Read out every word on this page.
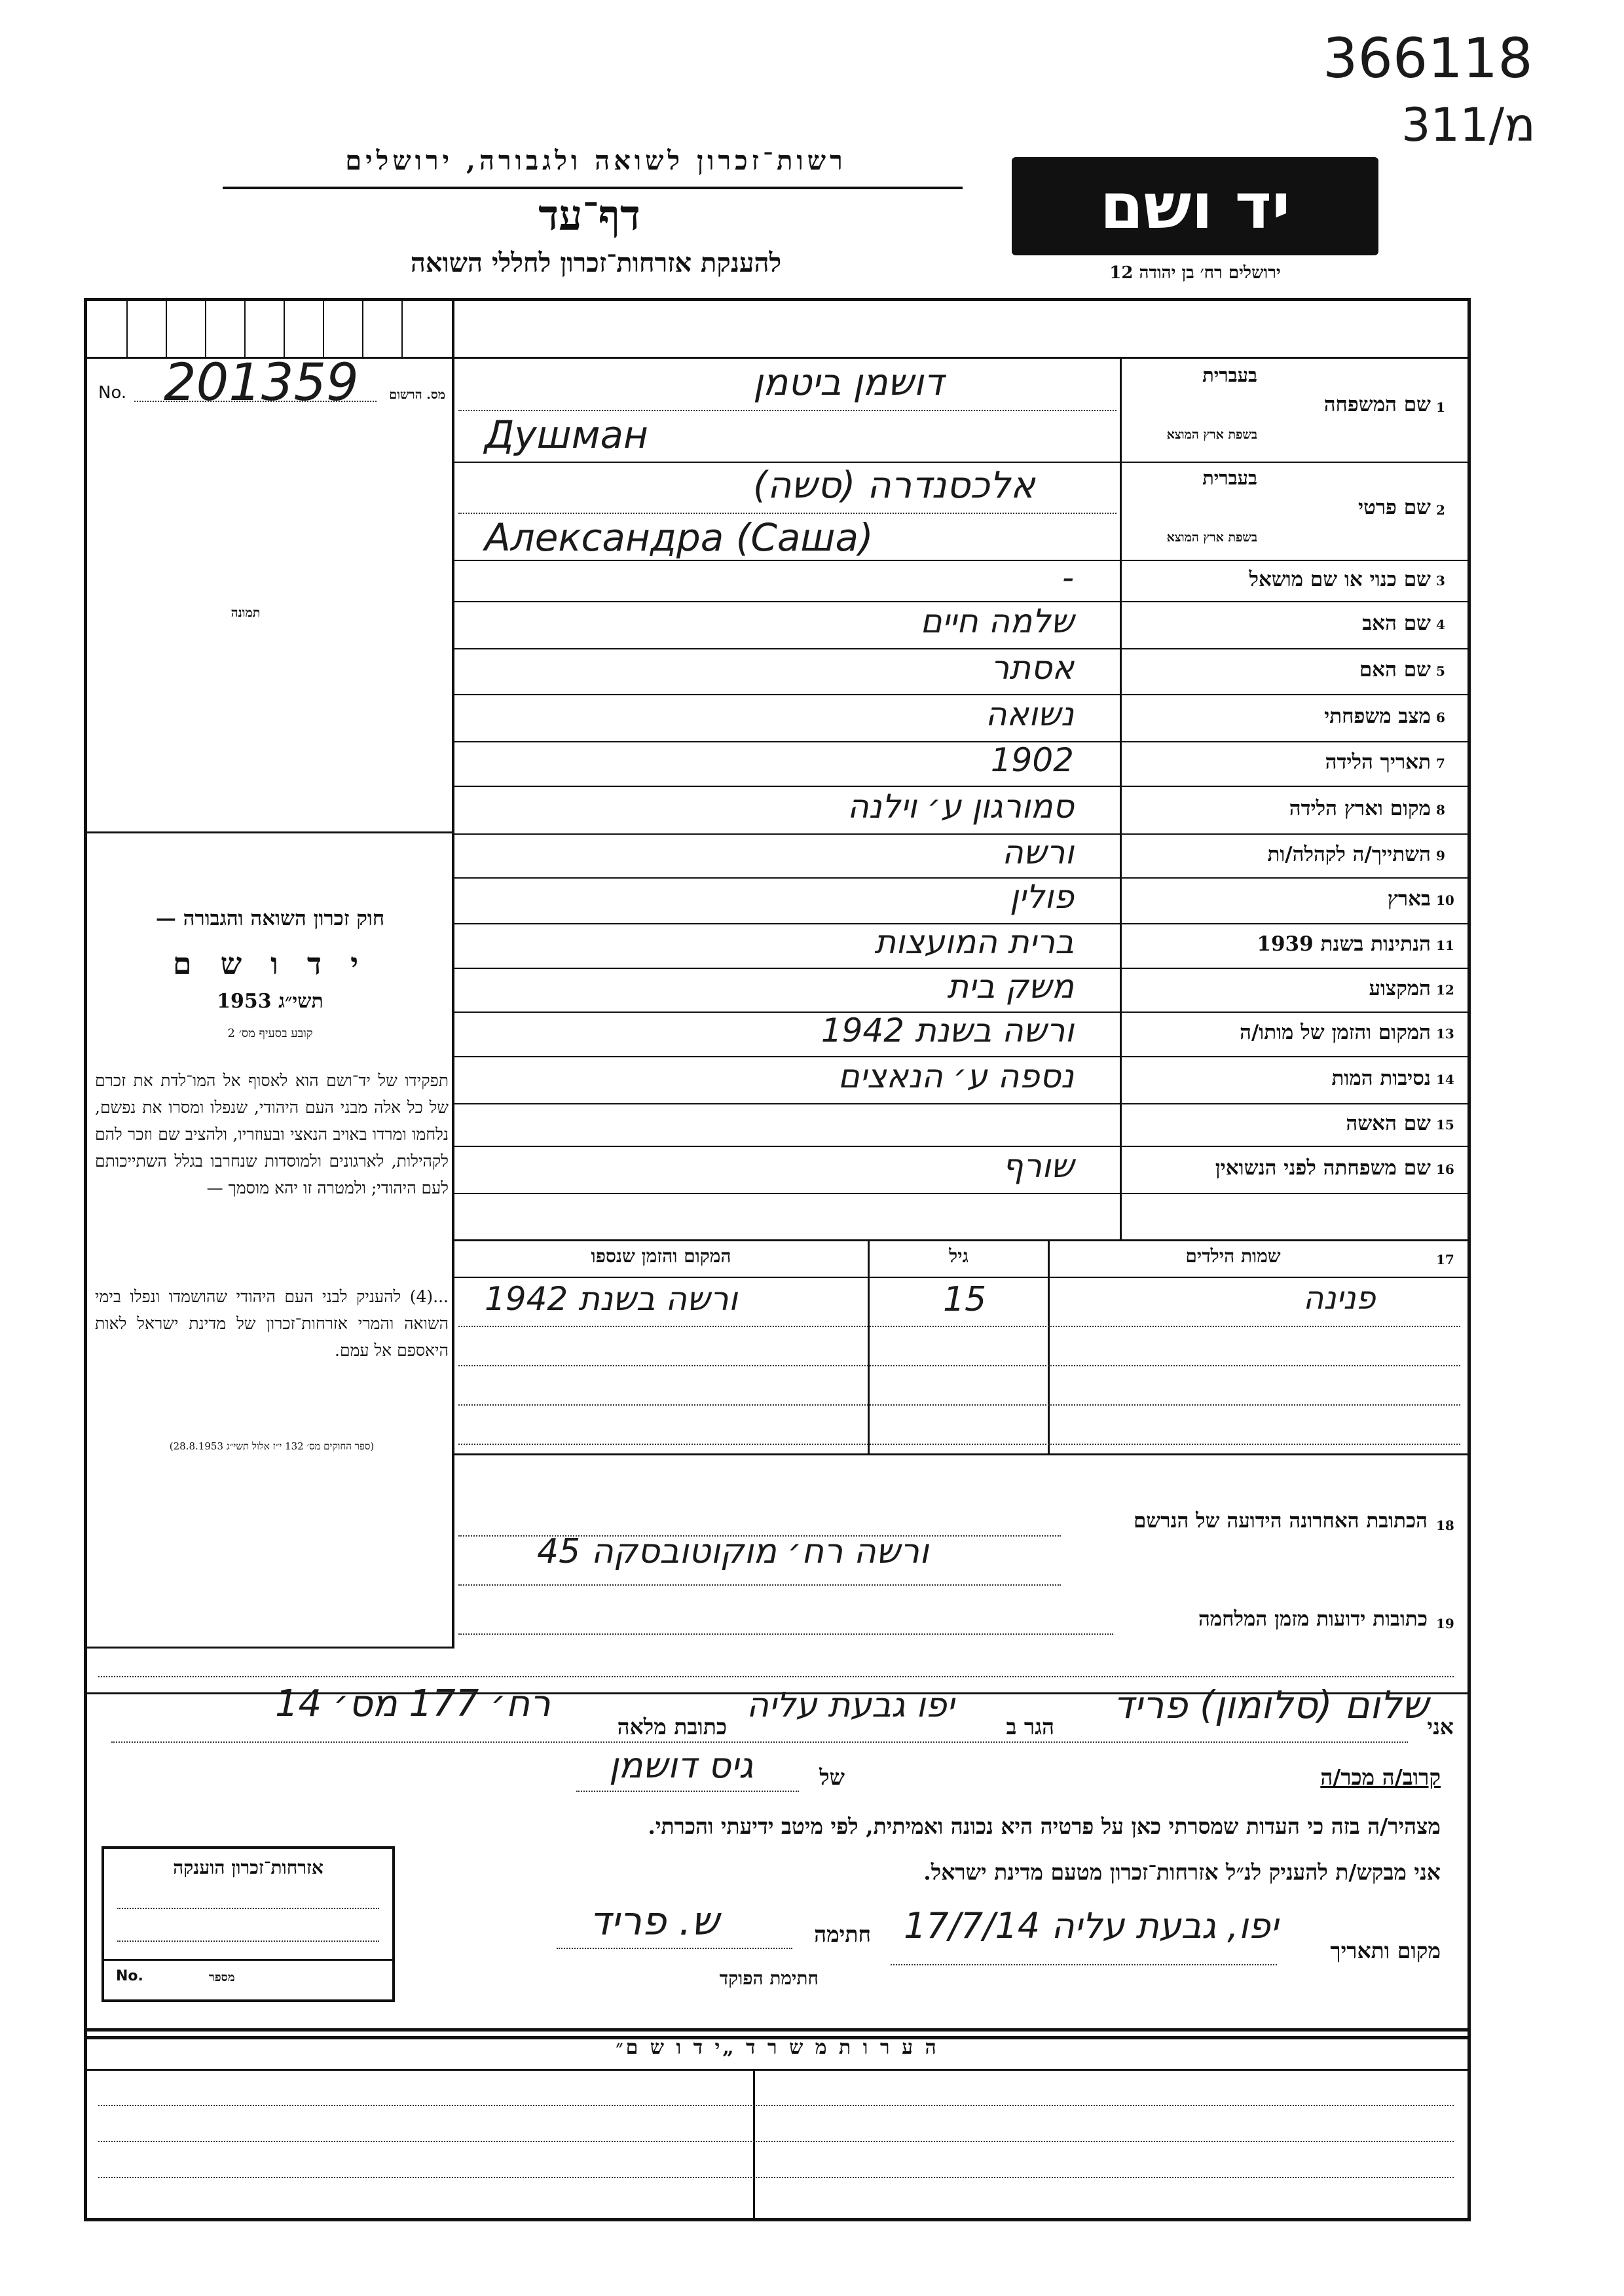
366118
311/מ
רשות־זכרון לשואה ולגבורה, ירושלים
דף־עד
להענקת אזרחות־זכרון לחללי השואה
יד ושם
ירושלים רח׳ בן יהודה 12
No. 201359	מס. הרשום
תמונה
חוק זכרון השואה והגבורה —
י ד ו ש ם
תשי״ג 1953
קובע בסעיף מס׳ 2
תפקידו של יד־ושם הוא לאסוף אל המו־לדת את זכרם של כל אלה מבני העם היהודי, שנפלו ומסרו את נפשם, נלחמו ומרדו באויב הנאצי ובעוזריו, ולהציב שם וזכר להם לקהילות, לארגונים ולמוסדות שנחרבו בגלל השתייכותם לעם היהודי; ולמטרה זו יהא מוסמך —
...(4) להעניק לבני העם היהודי שהושמדו ונפלו בימי השואה והמרי אזרחות־זכרון של מדינת ישראל לאות היאספם אל עמם.
(ספר החוקים מס׳ 132 י״ז אלול תשי״ג 28.8.1953)
1
שם המשפחה
בעברית
בשפת ארץ המוצא
דושמן ביטמן
Душман
2
שם פרטי
בעברית
בשפת ארץ המוצא
אלכסנדרה (סשה)
Александра (Саша)
3
שם כנוי או שם מושאל
-
4
שם האב
שלמה חיים
5
שם האם
אסתר
6
מצב משפחתי
נשואה
7
תאריך הלידה
1902
8
מקום וארץ הלידה
סמורגון ע׳ וילנה
9
השתייך/ה לקהלה/ות
ורשה
10
בארץ
פולין
11
הנתינות בשנת 1939
ברית המועצות
12
המקצוע
משק בית
13
המקום והזמן של מותו/ה
ורשה בשנת 1942
14
נסיבות המות
נספה ע׳ הנאצים
15
שם האשה
16
שם משפחתה לפני הנשואין
שורף
המקום והזמן שנספו	גיל	שמות הילדים	17
ורשה בשנת 1942	15	פנינה
18
הכתובת האחרונה הידועה של הנרשם
ורשה רח׳ מוקוטובסקה 45
19
כתובות ידועות מזמן המלחמה
אני
שלום (סלומון) פריד
הגר ב
יפו גבעת עליה
כתובת מלאה
רח׳ 177 מס׳ 14
קרוב/ה מכר/ה
של
גיס דושמן
מצהיר/ה בזה כי העדות שמסרתי כאן על פרטיה היא נכונה ואמיתית, לפי מיטב ידיעתי והכרתי.
אני מבקש/ת להעניק לנ״ל אזרחות־זכרון מטעם מדינת ישראל.
מקום ותאריך
יפו, גבעת עליה 17/7/14
חתימה
ש. פריד
חתימת הפוקד
אזרחות־זכרון הוענקה
No.	מספר
ה ע ר ו ת מ ש ר ד „י ד ו ש ם״
